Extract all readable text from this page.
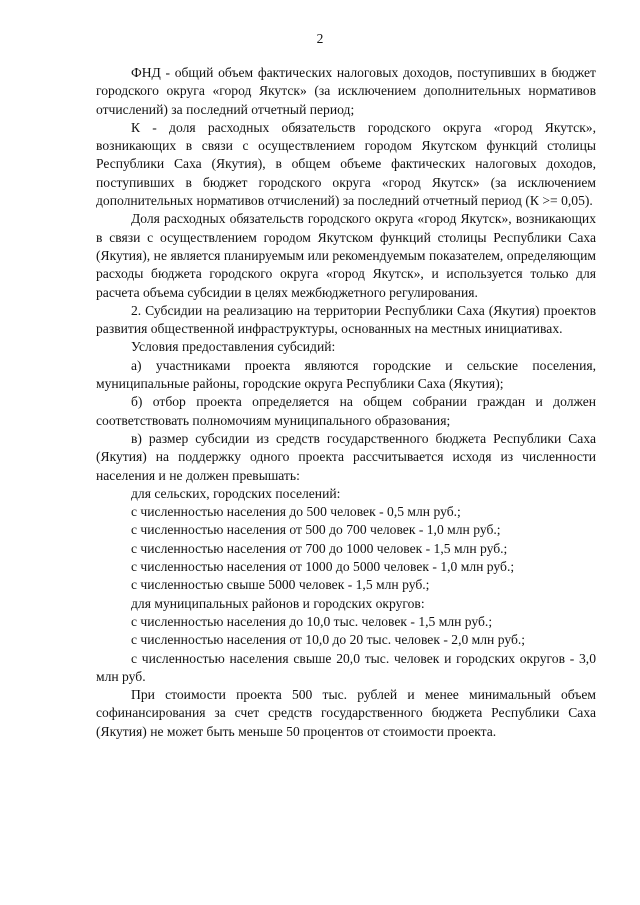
2

ФНД - общий объем фактических налоговых доходов, поступивших в бюджет городского округа «город Якутск» (за исключением дополнительных нормативов отчислений) за последний отчетный период;

К - доля расходных обязательств городского округа «город Якутск», возникающих в связи с осуществлением городом Якутском функций столицы Республики Саха (Якутия), в общем объеме фактических налоговых доходов, поступивших в бюджет городского округа «город Якутск» (за исключением дополнительных нормативов отчислений) за последний отчетный период (К >= 0,05).

Доля расходных обязательств городского округа «город Якутск», возникающих в связи с осуществлением городом Якутском функций столицы Республики Саха (Якутия), не является планируемым или рекомендуемым показателем, определяющим расходы бюджета городского округа «город Якутск», и используется только для расчета объема субсидии в целях межбюджетного регулирования.

2. Субсидии на реализацию на территории Республики Саха (Якутия) проектов развития общественной инфраструктуры, основанных на местных инициативах.

Условия предоставления субсидий:

а) участниками проекта являются городские и сельские поселения, муниципальные районы, городские округа Республики Саха (Якутия);

б) отбор проекта определяется на общем собрании граждан и должен соответствовать полномочиям муниципального образования;

в) размер субсидии из средств государственного бюджета Республики Саха (Якутия) на поддержку одного проекта рассчитывается исходя из численности населения и не должен превышать:

для сельских, городских поселений:

с численностью населения до 500 человек - 0,5 млн руб.;

с численностью населения от 500 до 700 человек - 1,0 млн руб.;

с численностью населения от 700 до 1000 человек - 1,5 млн руб.;

с численностью населения от 1000 до 5000 человек - 1,0 млн руб.;

с численностью свыше 5000 человек - 1,5 млн руб.;

для муниципальных районов и городских округов:

с численностью населения до 10,0 тыс. человек - 1,5 млн руб.;

с численностью населения от 10,0 до 20 тыс. человек - 2,0 млн руб.;

с численностью населения свыше 20,0 тыс. человек и городских округов - 3,0 млн руб.

При стоимости проекта 500 тыс. рублей и менее минимальный объем софинансирования за счет средств государственного бюджета Республики Саха (Якутия) не может быть меньше 50 процентов от стоимости проекта.
